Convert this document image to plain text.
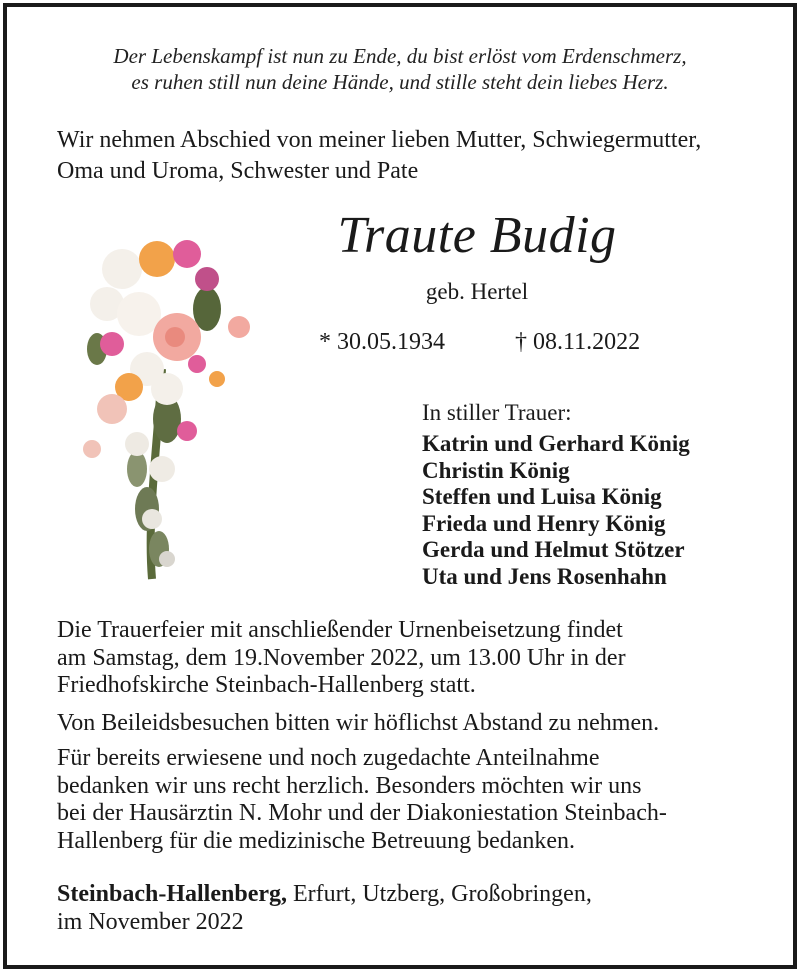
Der Lebenskampf ist nun zu Ende, du bist erlöst vom Erdenschmerz,
es ruhen still nun deine Hände, und stille steht dein liebes Herz.
Wir nehmen Abschied von meiner lieben Mutter, Schwiegermutter,
Oma und Uroma, Schwester und Pate
Traute Budig
geb. Hertel
* 30.05.1934	† 08.11.2022
In stiller Trauer:
Katrin und Gerhard König
Christin König
Steffen und Luisa König
Frieda und Henry König
Gerda und Helmut Stötzer
Uta und Jens Rosenhahn
Die Trauerfeier mit anschließender Urnenbeisetzung findet
am Samstag, dem 19.November 2022, um 13.00 Uhr in der
Friedhofskirche Steinbach-Hallenberg statt.
Von Beileidsbesuchen bitten wir höflichst Abstand zu nehmen.
Für bereits erwiesene und noch zugedachte Anteilnahme
bedanken wir uns recht herzlich. Besonders möchten wir uns
bei der Hausärztin N. Mohr und der Diakoniestation Steinbach-
Hallenberg für die medizinische Betreuung bedanken.
Steinbach-Hallenberg, Erfurt, Utzberg, Großobringen,
im November 2022
